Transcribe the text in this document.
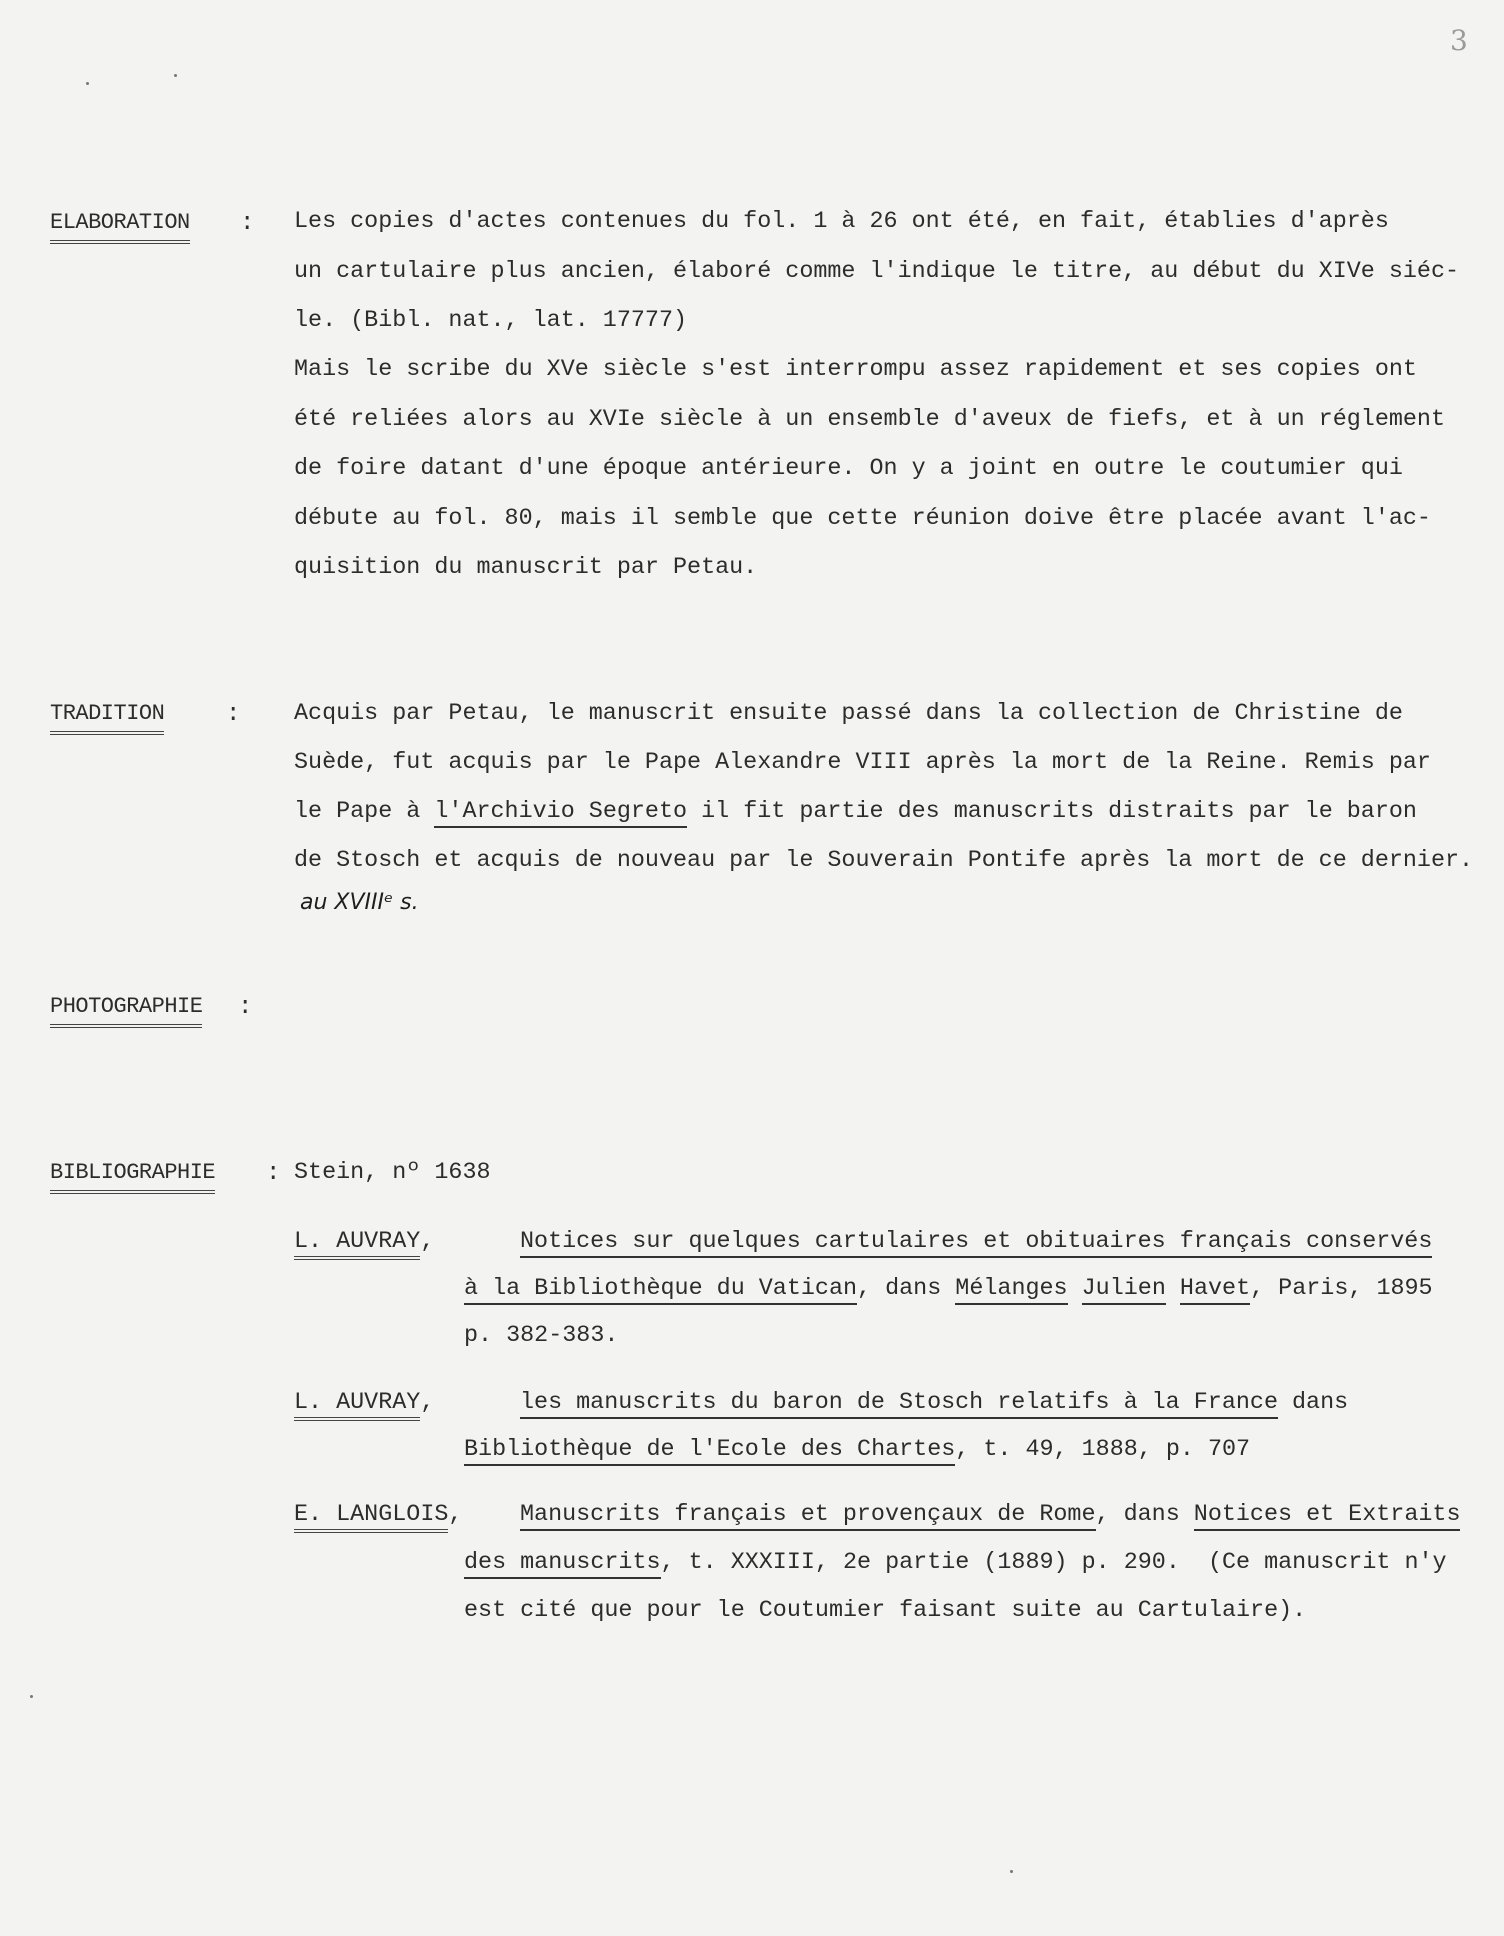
3
ELABORATION : Les copies d'actes contenues du fol. 1 à 26 ont été, en fait, établies d'après
un cartulaire plus ancien, élaboré comme l'indique le titre, au début du XIVe siéc-
le. (Bibl. nat., lat. 17777)
Mais le scribe du XVe siècle s'est interrompu assez rapidement et ses copies ont
été reliées alors au XVIe siècle à un ensemble d'aveux de fiefs, et à un réglement
de foire datant d'une époque antérieure. On y a joint en outre le coutumier qui
débute au fol. 80, mais il semble que cette réunion doive être placée avant l'ac-
quisition du manuscrit par Petau.
TRADITION	: Acquis par Petau, le manuscrit ensuite passé dans la collection de Christine de
Suède, fut acquis par le Pape Alexandre VIII après la mort de la Reine. Remis par
le Pape à l'Archivio Segreto il fit partie des manuscrits distraits par le baron
de Stosch et acquis de nouveau par le Souverain Pontife après la mort de ce dernier.
au XVIIIᵉ s.
PHOTOGRAPHIE :
BIBLIOGRAPHIE : Stein, nº 1638
L. AUVRAY,	Notices sur quelques cartulaires et obituaires français conservés
à la Bibliothèque du Vatican, dans Mélanges Julien Havet, Paris, 1895
p. 382-383.
L. AUVRAY,	les manuscrits du baron de Stosch relatifs à la France dans
Bibliothèque de l'Ecole des Chartes, t. 49, 1888, p. 707
E. LANGLOIS, Manuscrits français et provençaux de Rome, dans Notices et Extraits
des manuscrits, t. XXXIII, 2e partie (1889) p. 290.  (Ce manuscrit n'y
est cité que pour le Coutumier faisant suite au Cartulaire).
